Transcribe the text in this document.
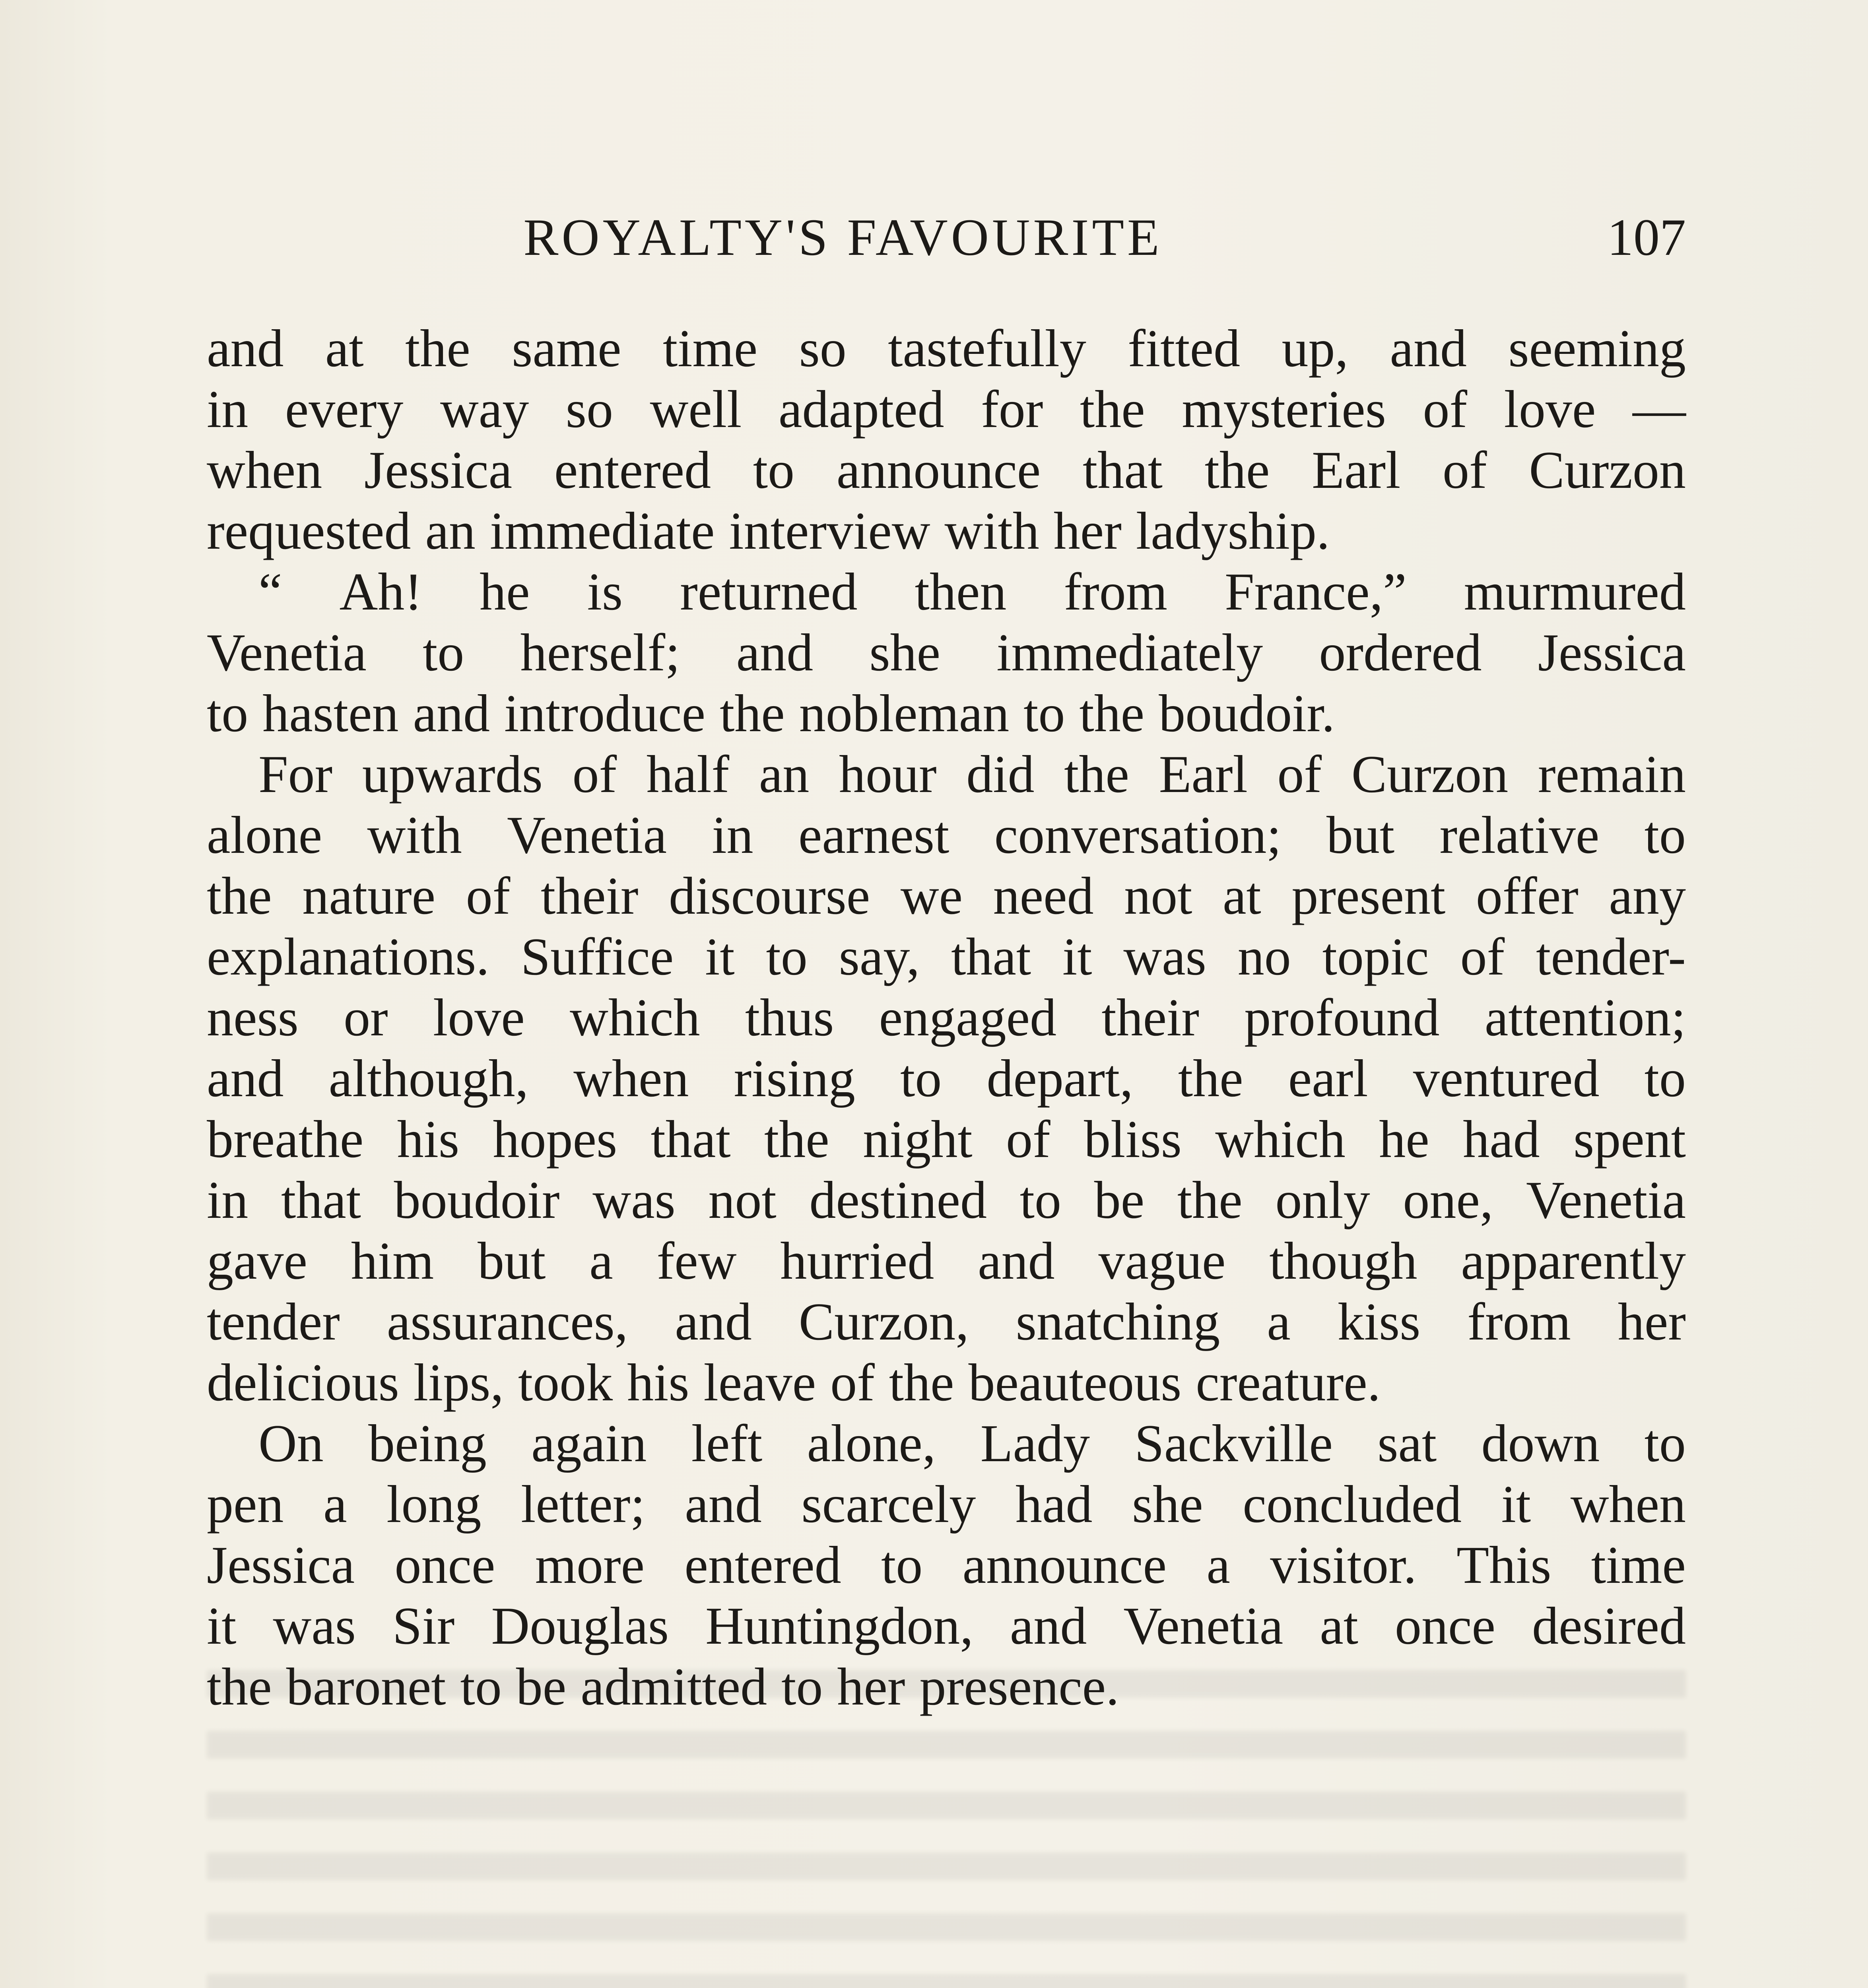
ROYALTY'S FAVOURITE	107
and at the same time so tastefully fitted up, and seeming
in every way so well adapted for the mysteries of love —
when Jessica entered to announce that the Earl of Curzon
requested an immediate interview with her ladyship.
“ Ah! he is returned then from France,” murmured
Venetia to herself; and she immediately ordered Jessica
to hasten and introduce the nobleman to the boudoir.
For upwards of half an hour did the Earl of Curzon remain
alone with Venetia in earnest conversation; but relative to
the nature of their discourse we need not at present offer any
explanations. Suffice it to say, that it was no topic of tender-
ness or love which thus engaged their profound attention;
and although, when rising to depart, the earl ventured to
breathe his hopes that the night of bliss which he had spent
in that boudoir was not destined to be the only one, Venetia
gave him but a few hurried and vague though apparently
tender assurances, and Curzon, snatching a kiss from her
delicious lips, took his leave of the beauteous creature.
On being again left alone, Lady Sackville sat down to
pen a long letter; and scarcely had she concluded it when
Jessica once more entered to announce a visitor. This time
it was Sir Douglas Huntingdon, and Venetia at once desired
the baronet to be admitted to her presence.
